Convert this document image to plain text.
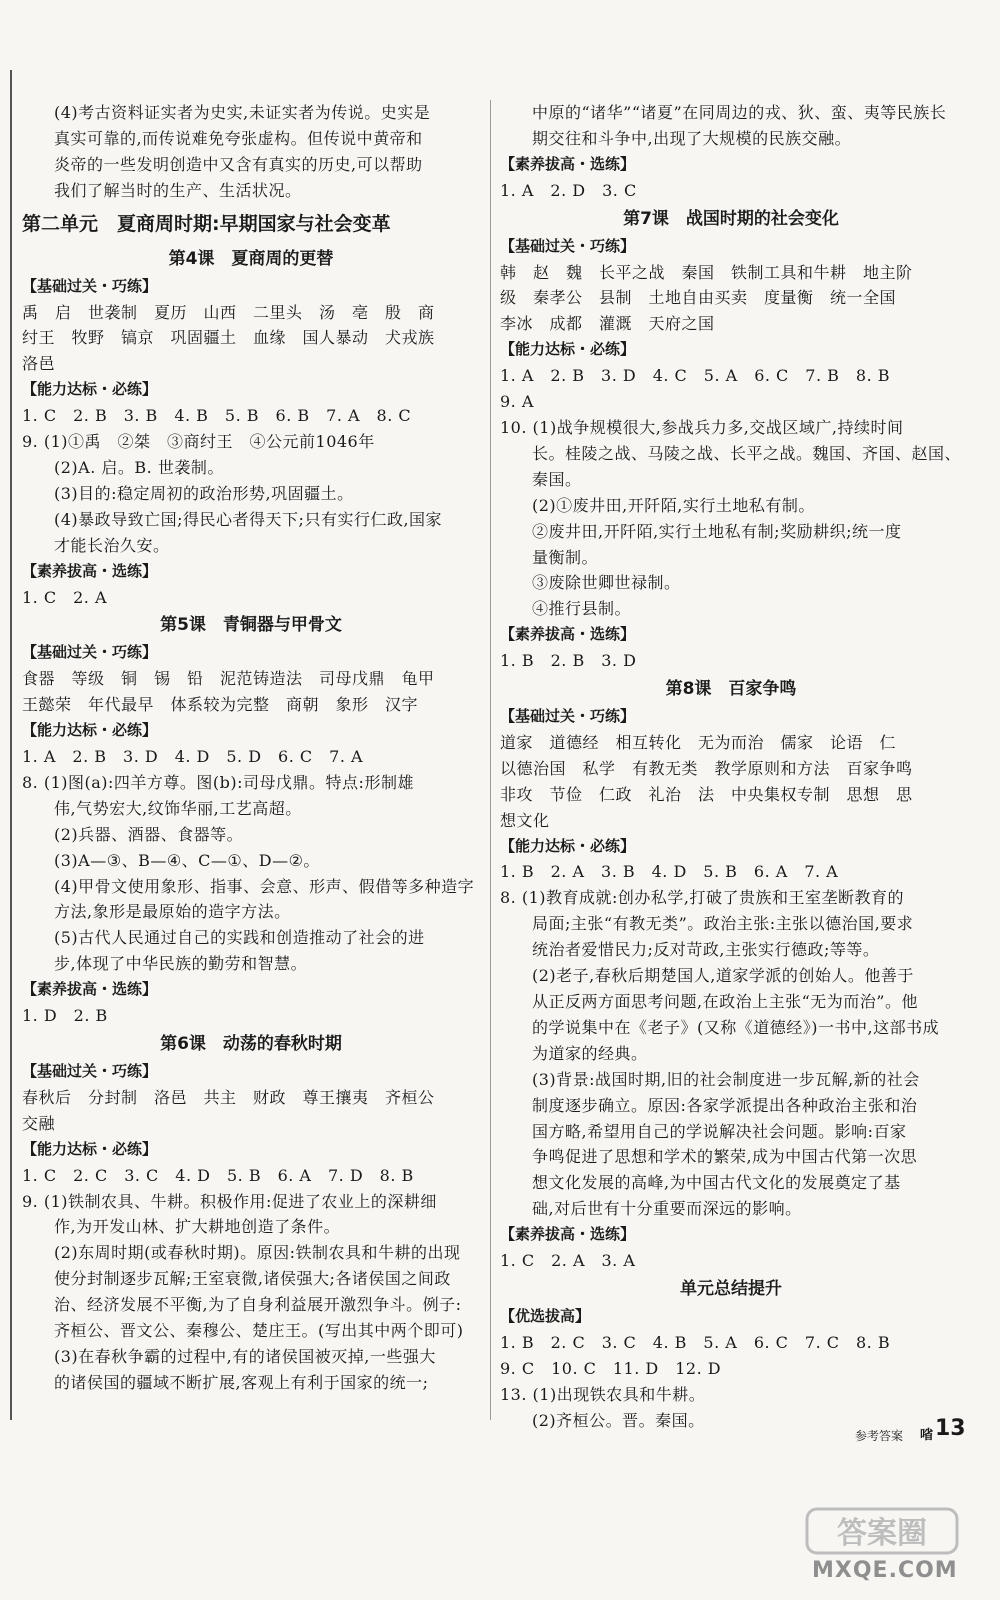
(4)考古资料证实者为史实,未证实者为传说。史实是
真实可靠的,而传说难免夸张虚构。但传说中黄帝和
炎帝的一些发明创造中又含有真实的历史,可以帮助
我们了解当时的生产、生活状况。
第二单元　夏商周时期:早期国家与社会变革
第4课　夏商周的更替
【基础过关・巧练】
禹　启　世袭制　夏历　山西　二里头　汤　亳　殷　商
纣王　牧野　镐京　巩固疆土　血缘　国人暴动　犬戎族
洛邑
【能力达标・必练】
1. C　2. B　3. B　4. B　5. B　6. B　7. A　8. C
9. (1)①禹　②桀　③商纣王　④公元前1046年
(2)A. 启。B. 世袭制。
(3)目的:稳定周初的政治形势,巩固疆土。
(4)暴政导致亡国;得民心者得天下;只有实行仁政,国家
才能长治久安。
【素养拔高・选练】
1. C　2. A
第5课　青铜器与甲骨文
【基础过关・巧练】
食器　等级　铜　锡　铅　泥范铸造法　司母戊鼎　龟甲
王懿荣　年代最早　体系较为完整　商朝　象形　汉字
【能力达标・必练】
1. A　2. B　3. D　4. D　5. D　6. C　7. A
8. (1)图(a):四羊方尊。图(b):司母戊鼎。特点:形制雄
伟,气势宏大,纹饰华丽,工艺高超。
(2)兵器、酒器、食器等。
(3)A—③、B—④、C—①、D—②。
(4)甲骨文使用象形、指事、会意、形声、假借等多种造字
方法,象形是最原始的造字方法。
(5)古代人民通过自己的实践和创造推动了社会的进
步,体现了中华民族的勤劳和智慧。
【素养拔高・选练】
1. D　2. B
第6课　动荡的春秋时期
【基础过关・巧练】
春秋后　分封制　洛邑　共主　财政　尊王攘夷　齐桓公
交融
【能力达标・必练】
1. C　2. C　3. C　4. D　5. B　6. A　7. D　8. B
9. (1)铁制农具、牛耕。积极作用:促进了农业上的深耕细
作,为开发山林、扩大耕地创造了条件。
(2)东周时期(或春秋时期)。原因:铁制农具和牛耕的出现
使分封制逐步瓦解;王室衰微,诸侯强大;各诸侯国之间政
治、经济发展不平衡,为了自身利益展开激烈争斗。例子:
齐桓公、晋文公、秦穆公、楚庄王。(写出其中两个即可)
(3)在春秋争霸的过程中,有的诸侯国被灭掉,一些强大
的诸侯国的疆域不断扩展,客观上有利于国家的统一;
中原的“诸华”“诸夏”在同周边的戎、狄、蛮、夷等民族长
期交往和斗争中,出现了大规模的民族交融。
【素养拔高・选练】
1. A　2. D　3. C
第7课　战国时期的社会变化
【基础过关・巧练】
韩　赵　魏　长平之战　秦国　铁制工具和牛耕　地主阶
级　秦孝公　县制　土地自由买卖　度量衡　统一全国
李冰　成都　灌溉　天府之国
【能力达标・必练】
1. A　2. B　3. D　4. C　5. A　6. C　7. B　8. B
9. A
10. (1)战争规模很大,参战兵力多,交战区域广,持续时间
长。桂陵之战、马陵之战、长平之战。魏国、齐国、赵国、
秦国。
(2)①废井田,开阡陌,实行土地私有制。
②废井田,开阡陌,实行土地私有制;奖励耕织;统一度
量衡制。
③废除世卿世禄制。
④推行县制。
【素养拔高・选练】
1. B　2. B　3. D
第8课　百家争鸣
【基础过关・巧练】
道家　道德经　相互转化　无为而治　儒家　论语　仁
以德治国　私学　有教无类　教学原则和方法　百家争鸣
非攻　节俭　仁政　礼治　法　中央集权专制　思想　思
想文化
【能力达标・必练】
1. B　2. A　3. B　4. D　5. B　6. A　7. A
8. (1)教育成就:创办私学,打破了贵族和王室垄断教育的
局面;主张“有教无类”。政治主张:主张以德治国,要求
统治者爱惜民力;反对苛政,主张实行德政;等等。
(2)老子,春秋后期楚国人,道家学派的创始人。他善于
从正反两方面思考问题,在政治上主张“无为而治”。他
的学说集中在《老子》(又称《道德经》)一书中,这部书成
为道家的经典。
(3)背景:战国时期,旧的社会制度进一步瓦解,新的社会
制度逐步确立。原因:各家学派提出各种政治主张和治
国方略,希望用自己的学说解决社会问题。影响:百家
争鸣促进了思想和学术的繁荣,成为中国古代第一次思
想文化发展的高峰,为中国古代文化的发展奠定了基
础,对后世有十分重要而深远的影响。
【素养拔高・选练】
1. C　2. A　3. A
单元总结提升
【优选拔高】
1. B　2. C　3. C　4. B　5. A　6. C　7. C　8. B
9. C　10. C　11. D　12. D
13. (1)出现铁农具和牛耕。
(2)齐桓公。晋。秦国。
参考答案 㗂 13
答案圈
MXQE.COM
